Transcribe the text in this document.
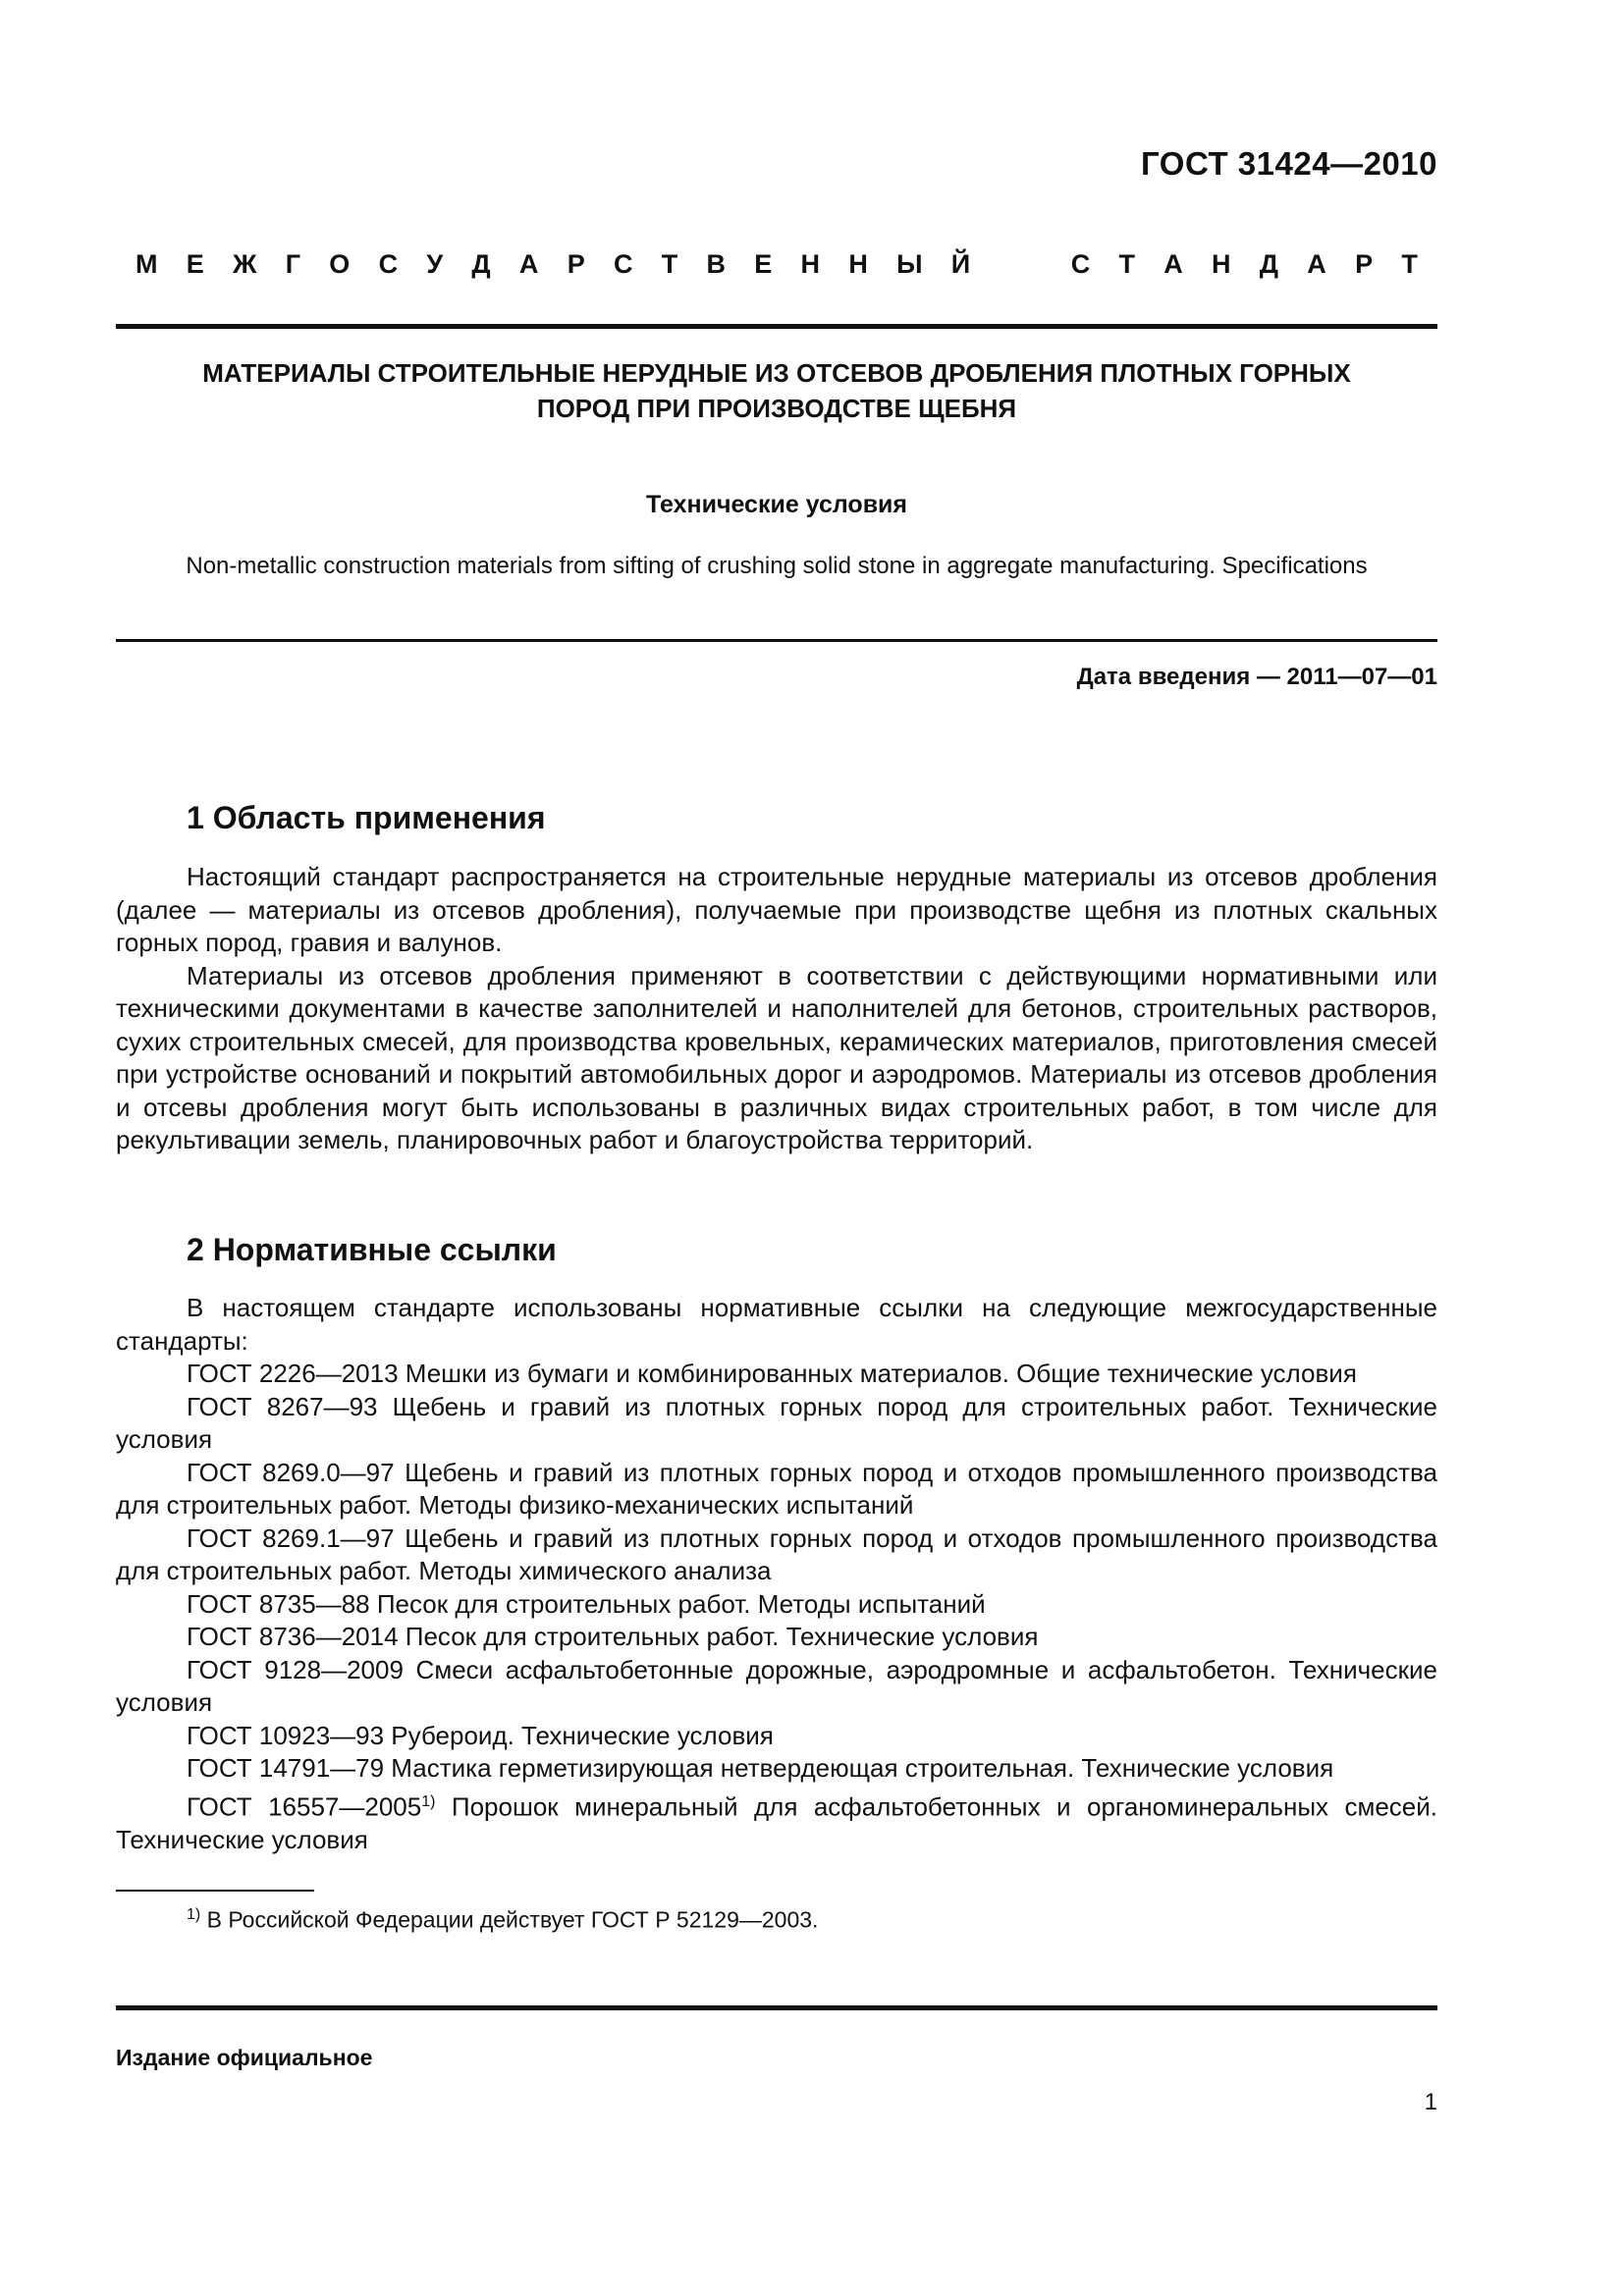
ГОСТ 31424—2010
М Е Ж Г О С У Д А Р С Т В Е Н Н Ы Й	С Т А Н Д А Р Т
МАТЕРИАЛЫ СТРОИТЕЛЬНЫЕ НЕРУДНЫЕ ИЗ ОТСЕВОВ ДРОБЛЕНИЯ ПЛОТНЫХ ГОРНЫХ
ПОРОД ПРИ ПРОИЗВОДСТВЕ ЩЕБНЯ
Технические условия
Non-metallic construction materials from sifting of crushing solid stone in aggregate manufacturing. Specifications
Дата введения — 2011—07—01
1 Область применения

Настоящий стандарт распространяется на строительные нерудные материалы из отсевов дробления (далее — материалы из отсевов дробления), получаемые при производстве щебня из плотных скальных горных пород, гравия и валунов.

Материалы из отсевов дробления применяют в соответствии с действующими нормативными или техническими документами в качестве заполнителей и наполнителей для бетонов, строительных растворов, сухих строительных смесей, для производства кровельных, керамических материалов, приготовления смесей при устройстве оснований и покрытий автомобильных дорог и аэродромов. Материалы из отсевов дробления и отсевы дробления могут быть использованы в различных видах строительных работ, в том числе для рекультивации земель, планировочных работ и благоустройства территорий.

2 Нормативные ссылки

В настоящем стандарте использованы нормативные ссылки на следующие межгосударственные стандарты:

ГОСТ 2226—2013 Мешки из бумаги и комбинированных материалов. Общие технические условия

ГОСТ 8267—93 Щебень и гравий из плотных горных пород для строительных работ. Технические условия

ГОСТ 8269.0—97 Щебень и гравий из плотных горных пород и отходов промышленного производства для строительных работ. Методы физико-механических испытаний

ГОСТ 8269.1—97 Щебень и гравий из плотных горных пород и отходов промышленного производства для строительных работ. Методы химического анализа

ГОСТ 8735—88 Песок для строительных работ. Методы испытаний

ГОСТ 8736—2014 Песок для строительных работ. Технические условия

ГОСТ 9128—2009 Смеси асфальтобетонные дорожные, аэродромные и асфальтобетон. Технические условия

ГОСТ 10923—93 Рубероид. Технические условия

ГОСТ 14791—79 Мастика герметизирующая нетвердеющая строительная. Технические условия

ГОСТ 16557—2005$^{1)}$ Порошок минеральный для асфальтобетонных и органоминеральных смесей. Технические условия

$^{1)}$ В Российской Федерации действует ГОСТ Р 52129—2003.
Издание официальное
1
